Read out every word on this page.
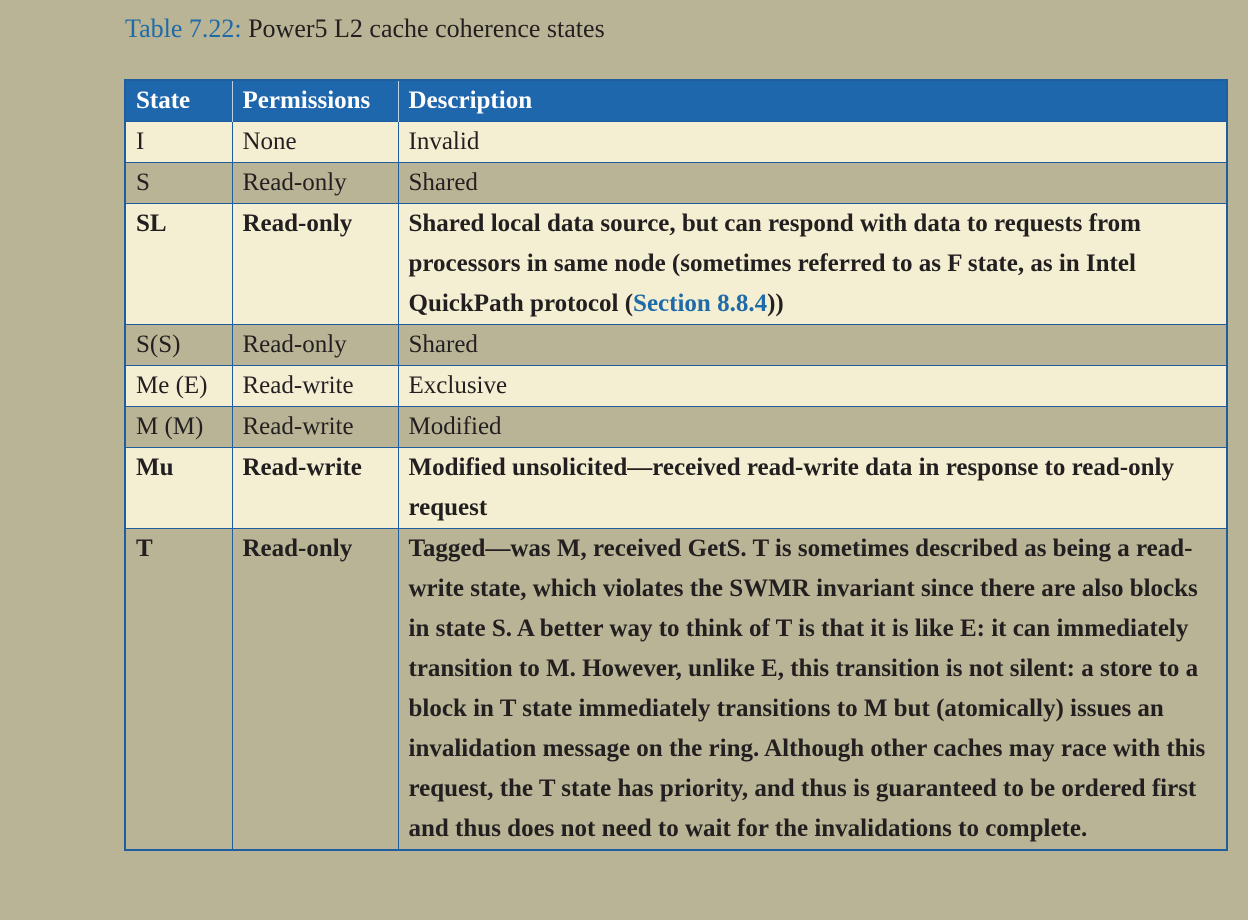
Table 7.22: Power5 L2 cache coherence states
State	Permissions	Description
I	None	Invalid
S	Read-only	Shared
SL	Read-only	Shared local data source, but can respond with data to requests from processors in same node (sometimes referred to as F state, as in Intel QuickPath protocol (Section 8.8.4))
S(S)	Read-only	Shared
Me (E)	Read-write	Exclusive
M (M)	Read-write	Modified
Mu	Read-write	Modified unsolicited—received read-write data in response to read-only request
T	Read-only	Tagged—was M, received GetS. T is sometimes described as being a read-write state, which violates the SWMR invariant since there are also blocks in state S. A better way to think of T is that it is like E: it can immediately transition to M. However, unlike E, this transition is not silent: a store to a block in T state immediately transitions to M but (atomically) issues an invalidation message on the ring. Although other caches may race with this request, the T state has priority, and thus is guaranteed to be ordered first and thus does not need to wait for the invalidations to complete.
